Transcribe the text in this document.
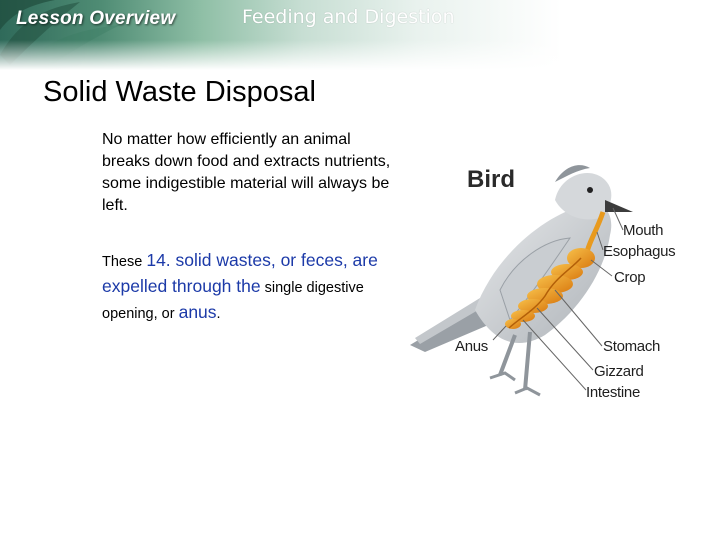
Lesson Overview	Feeding and Digestion
Solid Waste Disposal
No matter how efficiently an animal breaks down food and extracts nutrients, some indigestible material will always be left.
These 14. solid wastes, or feces, are expelled through the single digestive opening, or anus.
Bird
Mouth
Esophagus
Crop
Anus	Stomach
Gizzard
Intestine
